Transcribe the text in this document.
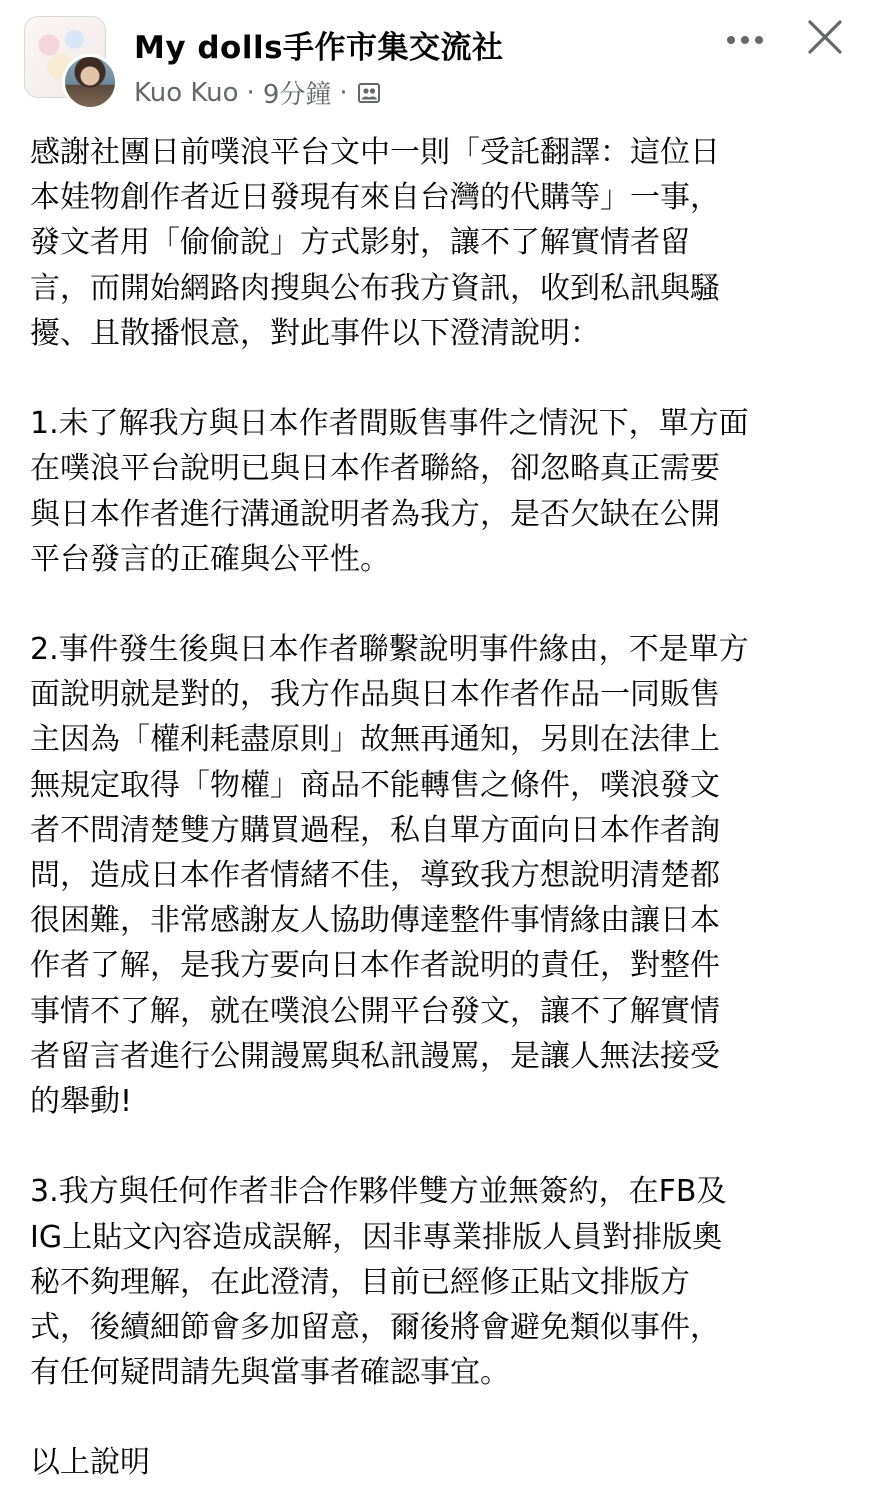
My dolls手作市集交流社
Kuo Kuo · 9分鐘 ·
感謝社團日前噗浪平台文中一則「受託翻譯：這位日
本娃物創作者近日發現有來自台灣的代購等」一事，
發文者用「偷偷說」方式影射，讓不了解實情者留
言，而開始網路肉搜與公布我方資訊，收到私訊與騷
擾、且散播恨意，對此事件以下澄清說明：
1.未了解我方與日本作者間販售事件之情況下，單方面
在噗浪平台說明已與日本作者聯絡，卻忽略真正需要
與日本作者進行溝通說明者為我方，是否欠缺在公開
平台發言的正確與公平性。
2.事件發生後與日本作者聯繫說明事件緣由，不是單方
面說明就是對的，我方作品與日本作者作品一同販售
主因為「權利耗盡原則」故無再通知，另則在法律上
無規定取得「物權」商品不能轉售之條件，噗浪發文
者不問清楚雙方購買過程，私自單方面向日本作者詢
問，造成日本作者情緒不佳，導致我方想說明清楚都
很困難，非常感謝友人協助傳達整件事情緣由讓日本
作者了解，是我方要向日本作者說明的責任，對整件
事情不了解，就在噗浪公開平台發文，讓不了解實情
者留言者進行公開謾罵與私訊謾罵，是讓人無法接受
的舉動!
3.我方與任何作者非合作夥伴雙方並無簽約，在FB及
IG上貼文內容造成誤解，因非專業排版人員對排版奧
秘不夠理解，在此澄清，目前已經修正貼文排版方
式，後續細節會多加留意，爾後將會避免類似事件，
有任何疑問請先與當事者確認事宜。
以上說明
